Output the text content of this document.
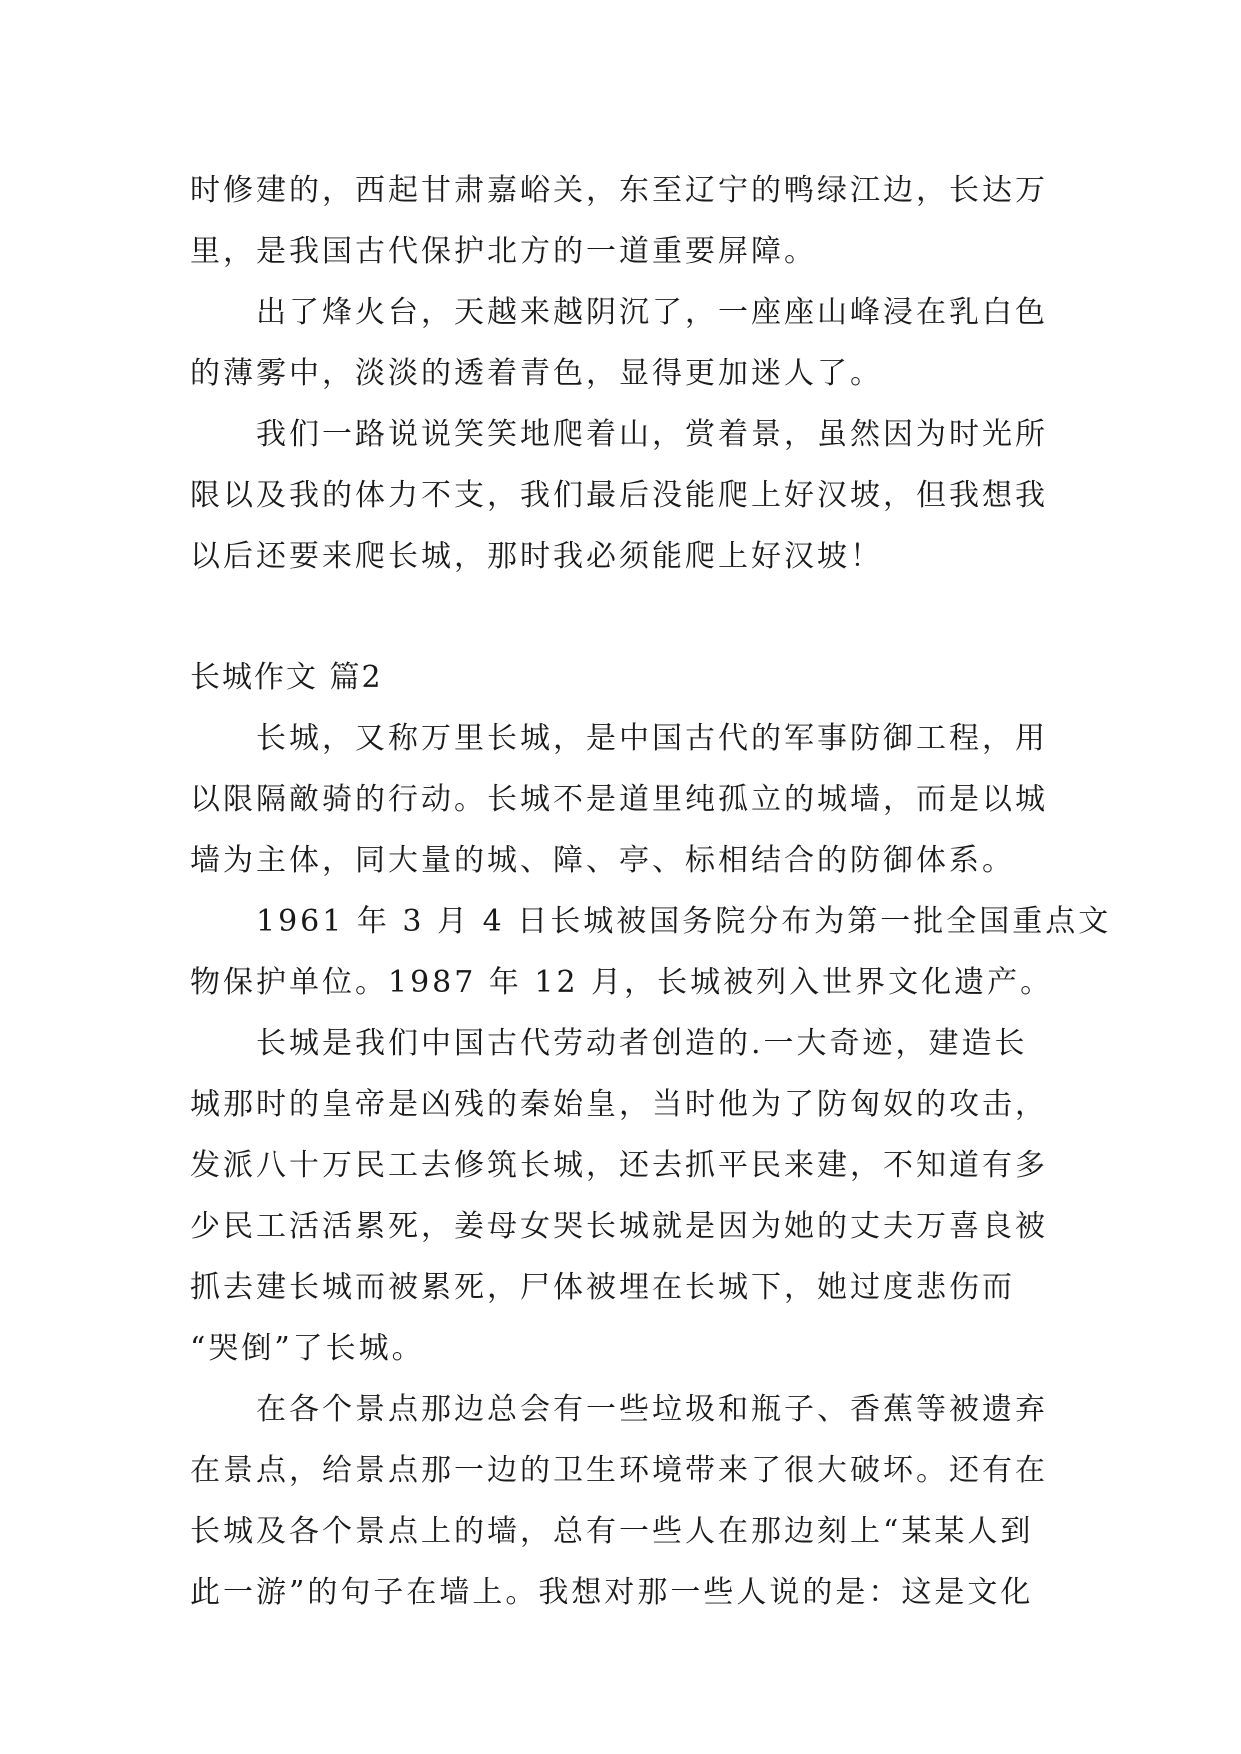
时修建的，西起甘肃嘉峪关，东至辽宁的鸭绿江边，长达万
里，是我国古代保护北方的一道重要屏障。
出了烽火台，天越来越阴沉了，一座座山峰浸在乳白色
的薄雾中，淡淡的透着青色，显得更加迷人了。
我们一路说说笑笑地爬着山，赏着景，虽然因为时光所
限以及我的体力不支，我们最后没能爬上好汉坡，但我想我
以后还要来爬长城，那时我必须能爬上好汉坡！
长城作文 篇2
长城，又称万里长城，是中国古代的军事防御工程，用
以限隔敵骑的行动。长城不是道里纯孤立的城墙，而是以城
墙为主体，同大量的城、障、亭、标相结合的防御体系。
1961 年 3 月 4 日长城被国务院分布为第一批全国重点文
物保护单位。1987 年 12 月，长城被列入世界文化遗产。
长城是我们中国古代劳动者创造的.一大奇迹，建造长
城那时的皇帝是凶残的秦始皇，当时他为了防匈奴的攻击，
发派八十万民工去修筑长城，还去抓平民来建，不知道有多
少民工活活累死，姜母女哭长城就是因为她的丈夫万喜良被
抓去建长城而被累死，尸体被埋在长城下，她过度悲伤而
“哭倒”了长城。
在各个景点那边总会有一些垃圾和瓶子、香蕉等被遗弃
在景点，给景点那一边的卫生环境带来了很大破坏。还有在
长城及各个景点上的墙，总有一些人在那边刻上“某某人到
此一游”的句子在墙上。我想对那一些人说的是：这是文化
